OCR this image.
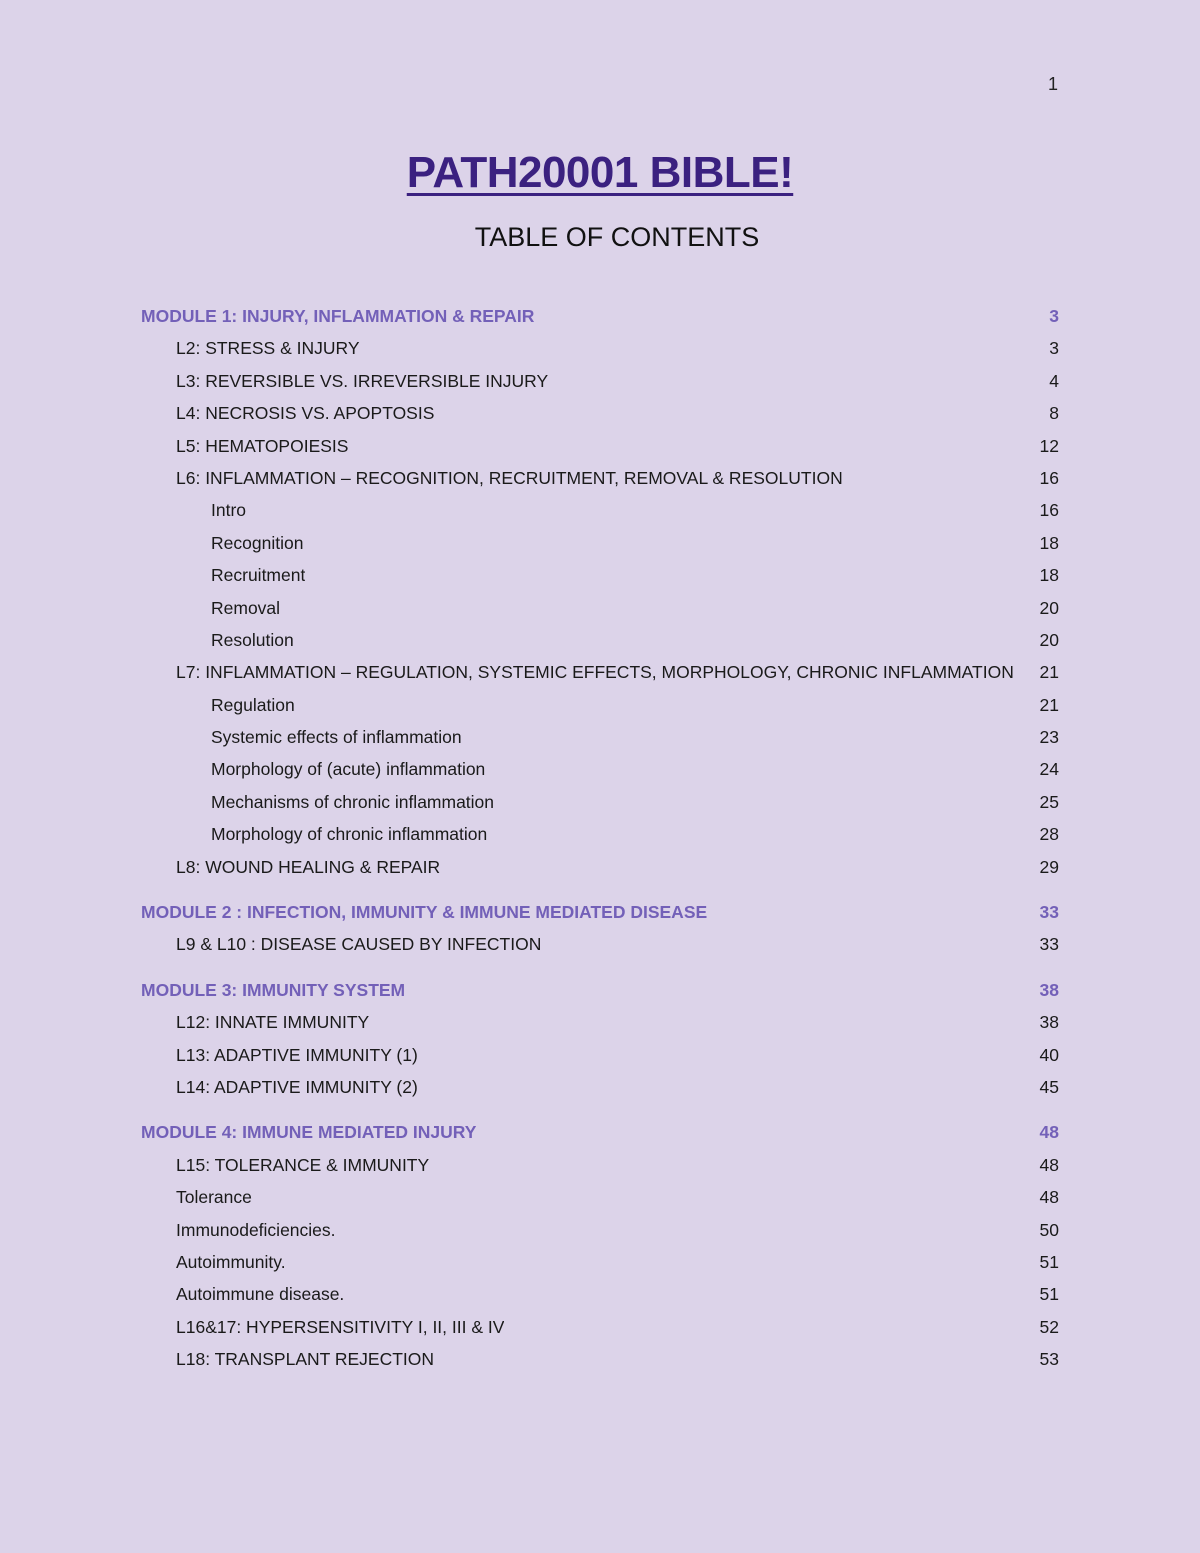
1
PATH20001 BIBLE!
TABLE OF CONTENTS
MODULE 1: INJURY, INFLAMMATION & REPAIR	3
L2: STRESS & INJURY	3
L3: REVERSIBLE VS. IRREVERSIBLE INJURY	4
L4: NECROSIS VS. APOPTOSIS	8
L5: HEMATOPOIESIS	12
L6: INFLAMMATION – RECOGNITION, RECRUITMENT, REMOVAL & RESOLUTION	16
Intro	16
Recognition	18
Recruitment	18
Removal	20
Resolution	20
L7: INFLAMMATION – REGULATION, SYSTEMIC EFFECTS, MORPHOLOGY, CHRONIC INFLAMMATION 21
Regulation	21
Systemic effects of inflammation	23
Morphology of (acute) inflammation	24
Mechanisms of chronic inflammation	25
Morphology of chronic inflammation	28
L8: WOUND HEALING & REPAIR	29
MODULE 2 : INFECTION, IMMUNITY & IMMUNE MEDIATED DISEASE	33
L9 & L10 : DISEASE CAUSED BY INFECTION	33
MODULE 3: IMMUNITY SYSTEM	38
L12: INNATE IMMUNITY	38
L13: ADAPTIVE IMMUNITY (1)	40
L14: ADAPTIVE IMMUNITY (2)	45
MODULE 4: IMMUNE MEDIATED INJURY	48
L15: TOLERANCE & IMMUNITY	48
Tolerance	48
Immunodeficiencies.	50
Autoimmunity.	51
Autoimmune disease.	51
L16&17: HYPERSENSITIVITY I, II, III & IV	52
L18: TRANSPLANT REJECTION	53
